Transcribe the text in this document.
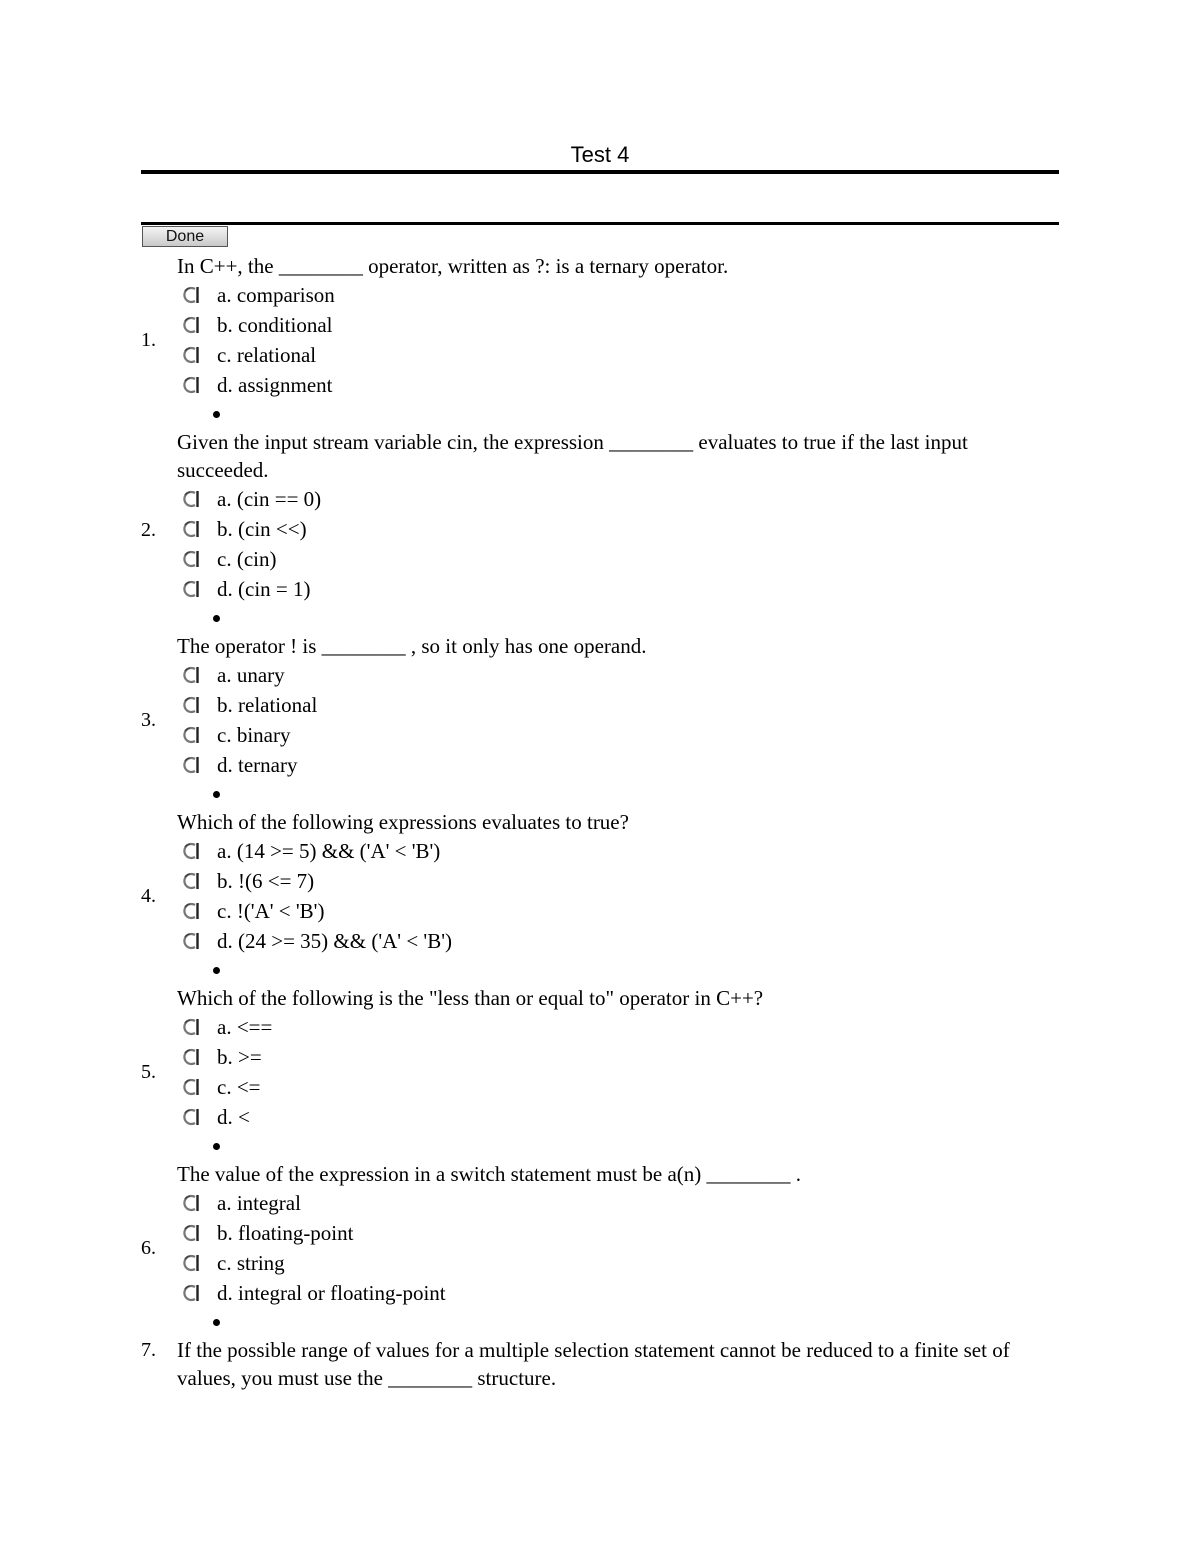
Test 4
Done
1.
In C++, the ________ operator, written as ?: is a ternary operator.
a. comparison
b. conditional
c. relational
d. assignment
2.
Given the input stream variable cin, the expression ________ evaluates to true if the last input succeeded.
a. (cin == 0)
b. (cin <<)
c. (cin)
d. (cin = 1)
3.
The operator ! is ________ , so it only has one operand.
a. unary
b. relational
c. binary
d. ternary
4.
Which of the following expressions evaluates to true?
a. (14 >= 5) && ('A' < 'B')
b. !(6 <= 7)
c. !('A' < 'B')
d. (24 >= 35) && ('A' < 'B')
5.
Which of the following is the "less than or equal to" operator in C++?
a. <==
b. >=
c. <=
d. <
6.
The value of the expression in a switch statement must be a(n) ________ .
a. integral
b. floating-point
c. string
d. integral or floating-point
7.	If the possible range of values for a multiple selection statement cannot be reduced to a finite set of values, you must use the ________ structure.
